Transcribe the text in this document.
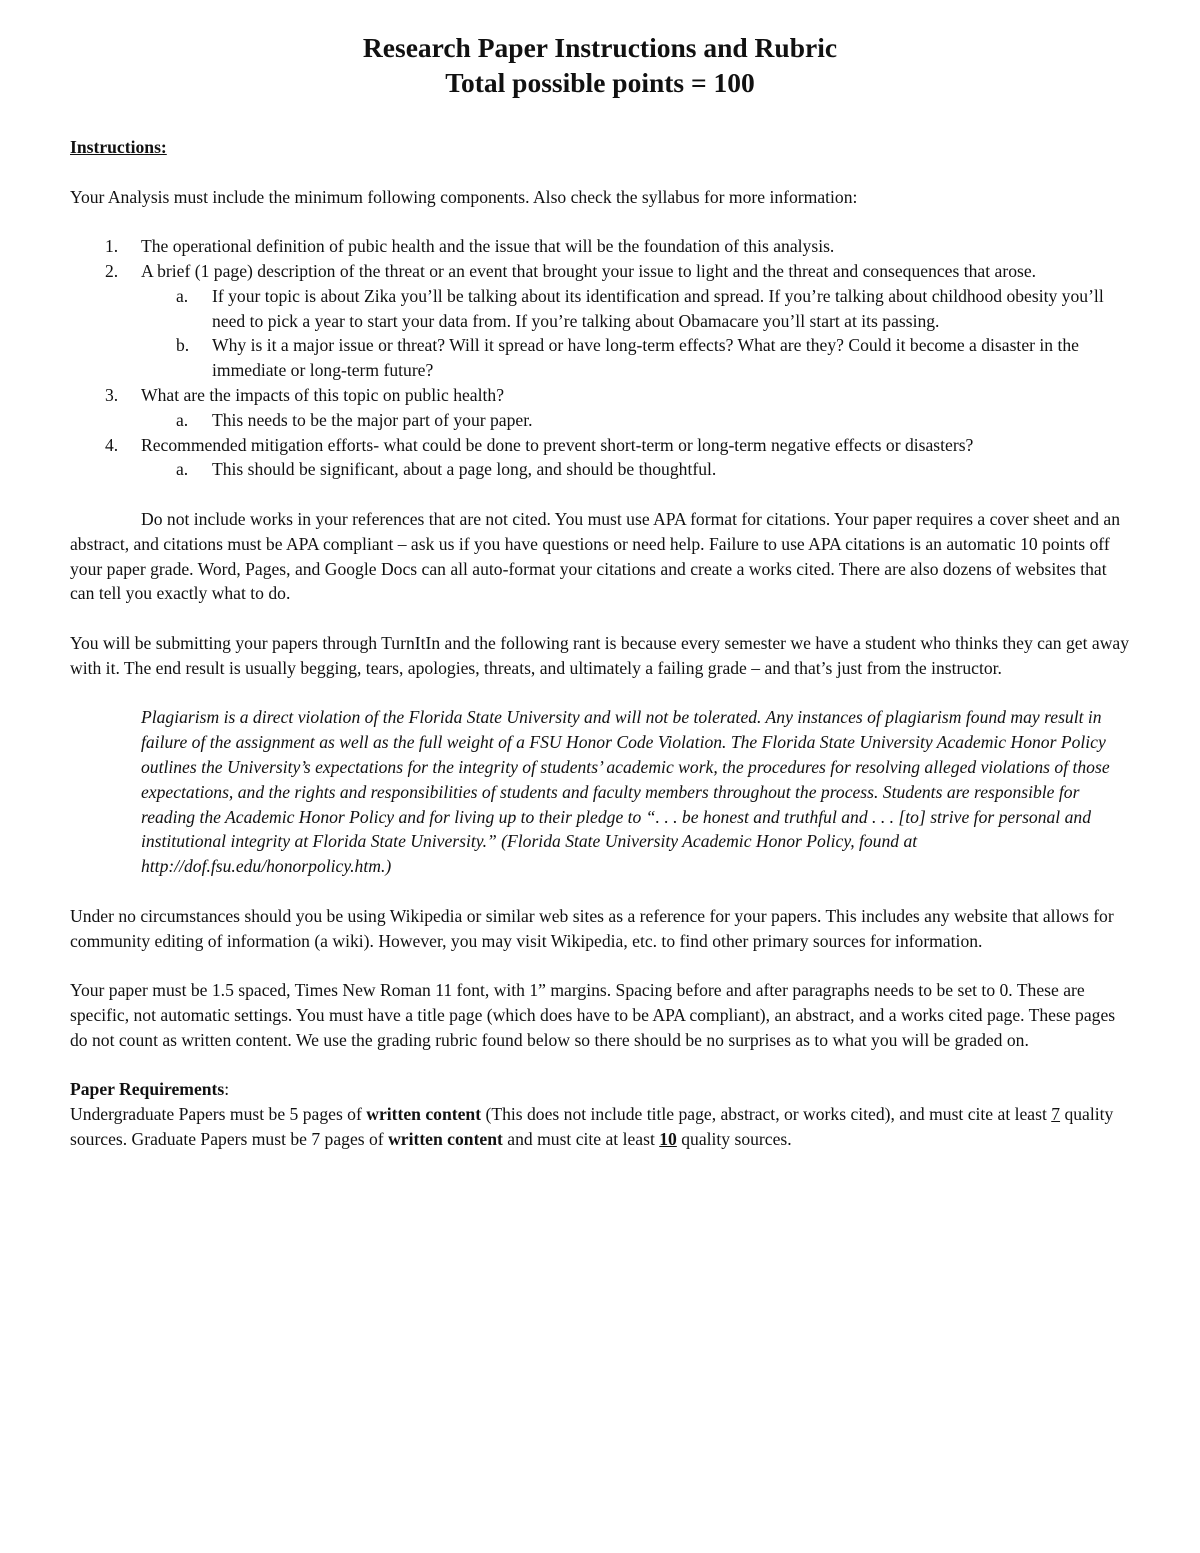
Research Paper Instructions and Rubric
Total possible points = 100

Instructions:

Your Analysis must include the minimum following components. Also check the syllabus for more information:

1. The operational definition of pubic health and the issue that will be the foundation of this analysis.
2. A brief (1 page) description of the threat or an event that brought your issue to light and the threat and consequences that arose.
a. If your topic is about Zika you’ll be talking about its identification and spread. If you’re talking about childhood obesity you’ll need to pick a year to start your data from. If you’re talking about Obamacare you’ll start at its passing.
b. Why is it a major issue or threat? Will it spread or have long-term effects? What are they? Could it become a disaster in the immediate or long-term future?
3. What are the impacts of this topic on public health?
a. This needs to be the major part of your paper.
4. Recommended mitigation efforts- what could be done to prevent short-term or long-term negative effects or disasters?
a. This should be significant, about a page long, and should be thoughtful.

Do not include works in your references that are not cited. You must use APA format for citations. Your paper requires a cover sheet and an abstract, and citations must be APA compliant – ask us if you have questions or need help. Failure to use APA citations is an automatic 10 points off your paper grade. Word, Pages, and Google Docs can all auto-format your citations and create a works cited. There are also dozens of websites that can tell you exactly what to do.

You will be submitting your papers through TurnItIn and the following rant is because every semester we have a student who thinks they can get away with it. The end result is usually begging, tears, apologies, threats, and ultimately a failing grade – and that’s just from the instructor.

Plagiarism is a direct violation of the Florida State University and will not be tolerated. Any instances of plagiarism found may result in failure of the assignment as well as the full weight of a FSU Honor Code Violation. The Florida State University Academic Honor Policy outlines the University’s expectations for the integrity of students’ academic work, the procedures for resolving alleged violations of those expectations, and the rights and responsibilities of students and faculty members throughout the process. Students are responsible for reading the Academic Honor Policy and for living up to their pledge to “. . . be honest and truthful and . . . [to] strive for personal and institutional integrity at Florida State University.” (Florida State University Academic Honor Policy, found at http://dof.fsu.edu/honorpolicy.htm.)

Under no circumstances should you be using Wikipedia or similar web sites as a reference for your papers. This includes any website that allows for community editing of information (a wiki). However, you may visit Wikipedia, etc. to find other primary sources for information.

Your paper must be 1.5 spaced, Times New Roman 11 font, with 1” margins. Spacing before and after paragraphs needs to be set to 0. These are specific, not automatic settings. You must have a title page (which does have to be APA compliant), an abstract, and a works cited page. These pages do not count as written content. We use the grading rubric found below so there should be no surprises as to what you will be graded on.

Paper Requirements:

Undergraduate Papers must be 5 pages of written content (This does not include title page, abstract, or works cited), and must cite at least 7 quality sources. Graduate Papers must be 7 pages of written content and must cite at least 10 quality sources.
